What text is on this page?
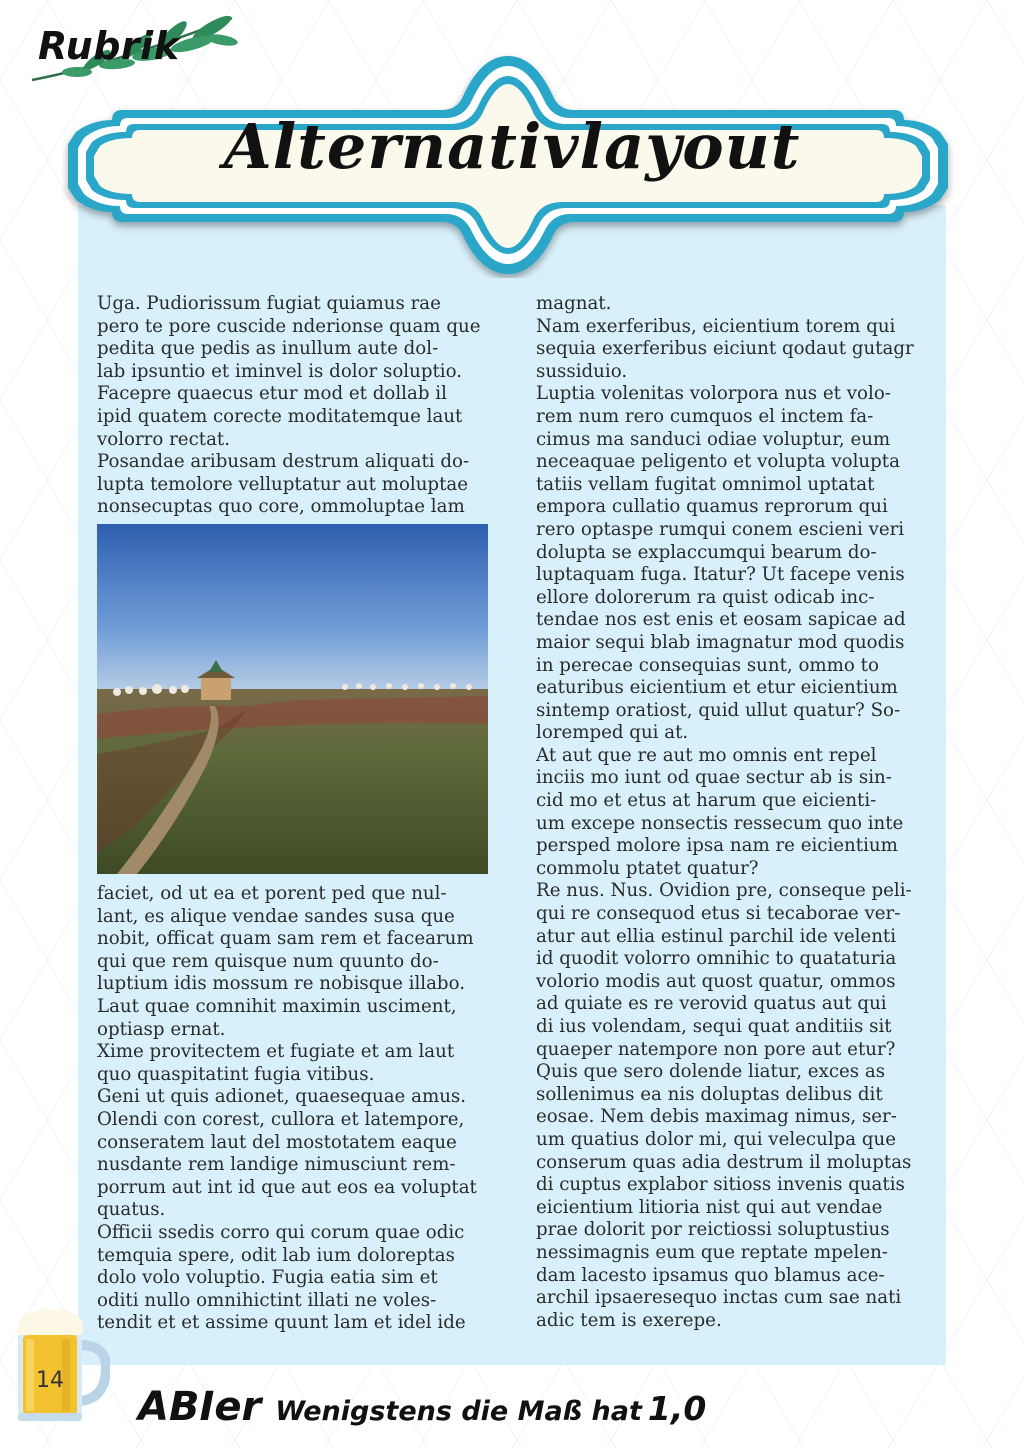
Rubrik
Alternativlayout

Uga. Pudiorissum fugiat quiamus rae
pero te pore cuscide nderionse quam que
pedita que pedis as inullum aute dol-
lab ipsuntio et iminvel is dolor soluptio.
Facepre quaecus etur mod et dollab il
ipid quatem corecte moditatemque laut
volorro rectat.

Posandae aribusam destrum aliquati do-
lupta temolore velluptatur aut moluptae
nonsecuptas quo core, ommoluptae lam

faciet, od ut ea et porent ped que nul-
lant, es alique vendae sandes susa que
nobit, officat quam sam rem et facearum
qui que rem quisque num quunto do-
luptium idis mossum re nobisque illabo.
Laut quae comnihit maximin usciment,
optiasp ernat.

Xime provitectem et fugiate et am laut
quo quaspitatint fugia vitibus.

Geni ut quis adionet, quaesequae amus.
Olendi con corest, cullora et latempore,
conseratem laut del mostotatem eaque
nusdante rem landige nimusciunt rem-
porrum aut int id que aut eos ea voluptat
quatus.

Officii ssedis corro qui corum quae odic
temquia spere, odit lab ium doloreptas
dolo volo voluptio. Fugia eatia sim et
oditi nullo omnihictint illati ne voles-
tendit et et assime quunt lam et idel ide

magnat.

Nam exerferibus, eicientium torem qui
sequia exerferibus eiciunt qodaut gutagr
sussiduio.

Luptia volenitas volorpora nus et volo-
rem num rero cumquos el inctem fa-
cimus ma sanduci odiae voluptur, eum
neceaquae peligento et volupta volupta
tatiis vellam fugitat omnimol uptatat
empora cullatio quamus reprorum qui
rero optaspe rumqui conem escieni veri
dolupta se explaccumqui bearum do-
luptaquam fuga. Itatur? Ut facepe venis
ellore dolorerum ra quist odicab inc-
tendae nos est enis et eosam sapicae ad
maior sequi blab imagnatur mod quodis
in perecae consequias sunt, ommo to
eaturibus eicientium et etur eicientium
sintemp oratiost, quid ullut quatur? So-
loremped qui at.

At aut que re aut mo omnis ent repel
inciis mo iunt od quae sectur ab is sin-
cid mo et etus at harum que eicienti-
um excepe nonsectis ressecum quo inte
persped molore ipsa nam re eicientium
commolu ptatet quatur?

Re nus. Nus. Ovidion pre, conseque peli-
qui re consequod etus si tecaborae ver-
atur aut ellia estinul parchil ide velenti
id quodit volorro omnihic to quataturia
volorio modis aut quost quatur, ommos
ad quiate es re verovid quatus aut qui
di ius volendam, sequi quat anditiis sit
quaeper natempore non pore aut etur?
Quis que sero dolende liatur, exces as
sollenimus ea nis doluptas delibus dit
eosae. Nem debis maximag nimus, ser-
um quatius dolor mi, qui veleculpa que
conserum quas adia destrum il moluptas
di cuptus explabor sitioss invenis quatis
eicientium litioria nist qui aut vendae
prae dolorit por reictiossi soluptustius
nessimagnis eum que reptate mpelen-
dam lacesto ipsamus quo blamus ace-
archil ipsaeresequo inctas cum sae nati
adic tem is exerepe.

ABIer Wenigstens die Maß hat 1,0
14
